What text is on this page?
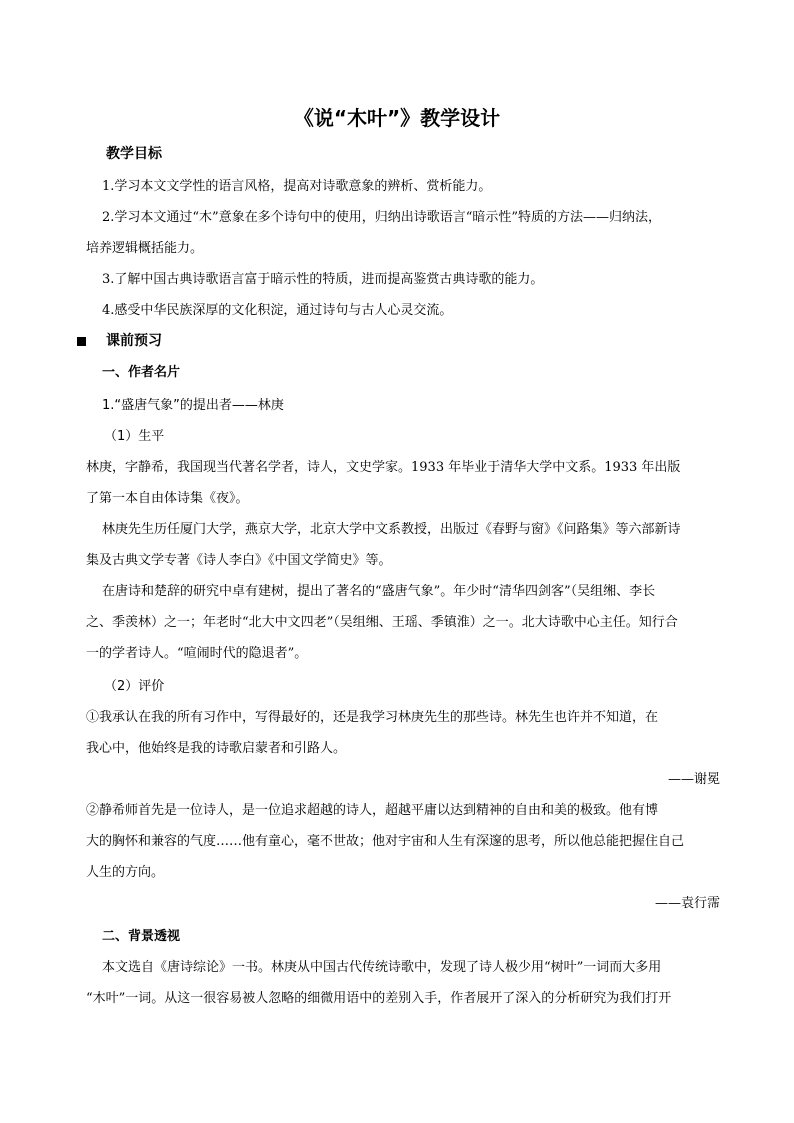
《说“木叶”》教学设计
教学目标
1.学习本文文学性的语言风格，提高对诗歌意象的辨析、赏析能力。
2.学习本文通过“木”意象在多个诗句中的使用，归纳出诗歌语言“暗示性”特质的方法——归纳法，
培养逻辑概括能力。
3.了解中国古典诗歌语言富于暗示性的特质，进而提高鉴赏古典诗歌的能力。
4.感受中华民族深厚的文化积淀，通过诗句与古人心灵交流。
课前预习
一、作者名片
1.“盛唐气象”的提出者——林庚
（1）生平
林庚，字静希，我国现当代著名学者，诗人，文史学家。1933 年毕业于清华大学中文系。1933 年出版
了第一本自由体诗集《夜》。
林庚先生历任厦门大学，燕京大学，北京大学中文系教授，出版过《春野与窗》《问路集》等六部新诗
集及古典文学专著《诗人李白》《中国文学简史》等。
在唐诗和楚辞的研究中卓有建树，提出了著名的“盛唐气象”。年少时“清华四剑客”（吴组缃、李长
之、季羡林）之一；年老时“北大中文四老”（吴组缃、王瑶、季镇淮）之一。北大诗歌中心主任。知行合
一的学者诗人。“喧闹时代的隐退者”。
（2）评价
①我承认在我的所有习作中，写得最好的，还是我学习林庚先生的那些诗。林先生也许并不知道，在
我心中，他始终是我的诗歌启蒙者和引路人。
——谢冕
②静希师首先是一位诗人，是一位追求超越的诗人，超越平庸以达到精神的自由和美的极致。他有博
大的胸怀和兼容的气度……他有童心，毫不世故；他对宇宙和人生有深邃的思考，所以他总能把握住自己
人生的方向。
——袁行霈
二、背景透视
本文选自《唐诗综论》一书。林庚从中国古代传统诗歌中，发现了诗人极少用“树叶”一词而大多用
“木叶”一词。从这一很容易被人忽略的细微用语中的差别入手，作者展开了深入的分析研究为我们打开
